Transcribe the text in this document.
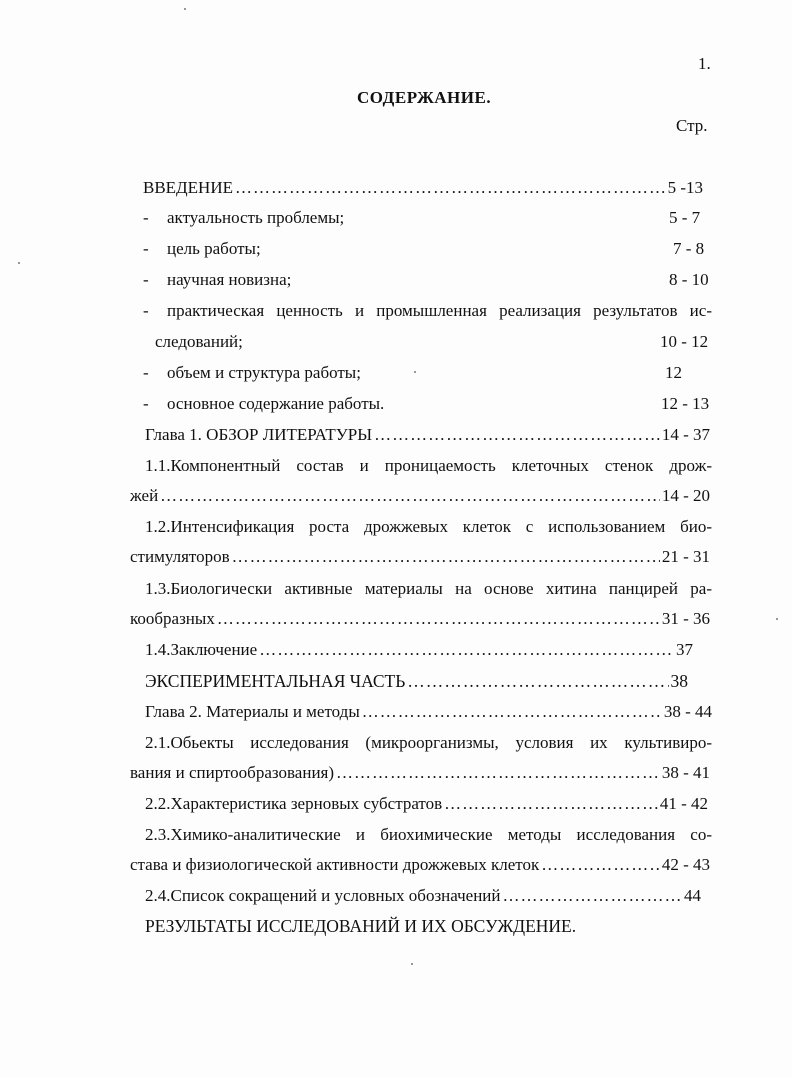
1.
СОДЕРЖАНИЕ.
Стр.
ВВЕДЕНИЕ ……………………………………………………………………………………………………………………………………………………………………	5 -13
- актуальность проблемы;	5 - 7
- цель работы;	7 - 8
- научная новизна;	8 - 10
- практическая ценность и промышленная реализация результатов ис-
следований;	10 - 12
- объем и структура работы;	12
- основное содержание работы.	12 - 13
Глава 1. ОБЗОР ЛИТЕРАТУРЫ ……………………………………………………………………………………………………………………………………………………………………	14 - 37
1.1.Компонентный состав и проницаемость клеточных стенок дрож-
жей ……………………………………………………………………………………………………………………………………………………………………	14 - 20
1.2.Интенсификация роста дрожжевых клеток с использованием био-
стимуляторов ……………………………………………………………………………………………………………………………………………………………………	21 - 31
1.3.Биологически активные материалы на основе хитина панцирей ра-
кообразных ……………………………………………………………………………………………………………………………………………………………………	31 - 36
1.4.Заключение ……………………………………………………………………………………………………………………………………………………………………	37
ЭКСПЕРИМЕНТАЛЬНАЯ ЧАСТЬ ……………………………………………………………………………………………………………………………………………………………………	38
Глава 2. Материалы и методы ……………………………………………………………………………………………………………………………………………………………………	38 - 44
2.1.Обьекты исследования (микроорганизмы, условия их культивиро-
вания и спиртообразования) ……………………………………………………………………………………………………………………………………………………………………	38 - 41
2.2.Характеристика зерновых субстратов ……………………………………………………………………………………………………………………………………………………………………	41 - 42
2.3.Химико-аналитические и биохимические методы исследования со-
става и физиологической активности дрожжевых клеток ……………………………………………………………………………………………………………………………………………………………………	42 - 43
2.4.Список сокращений и условных обозначений ……………………………………………………………………………………………………………………………………………………………………	44
РЕЗУЛЬТАТЫ ИССЛЕДОВАНИЙ И ИХ ОБСУЖДЕНИЕ.
